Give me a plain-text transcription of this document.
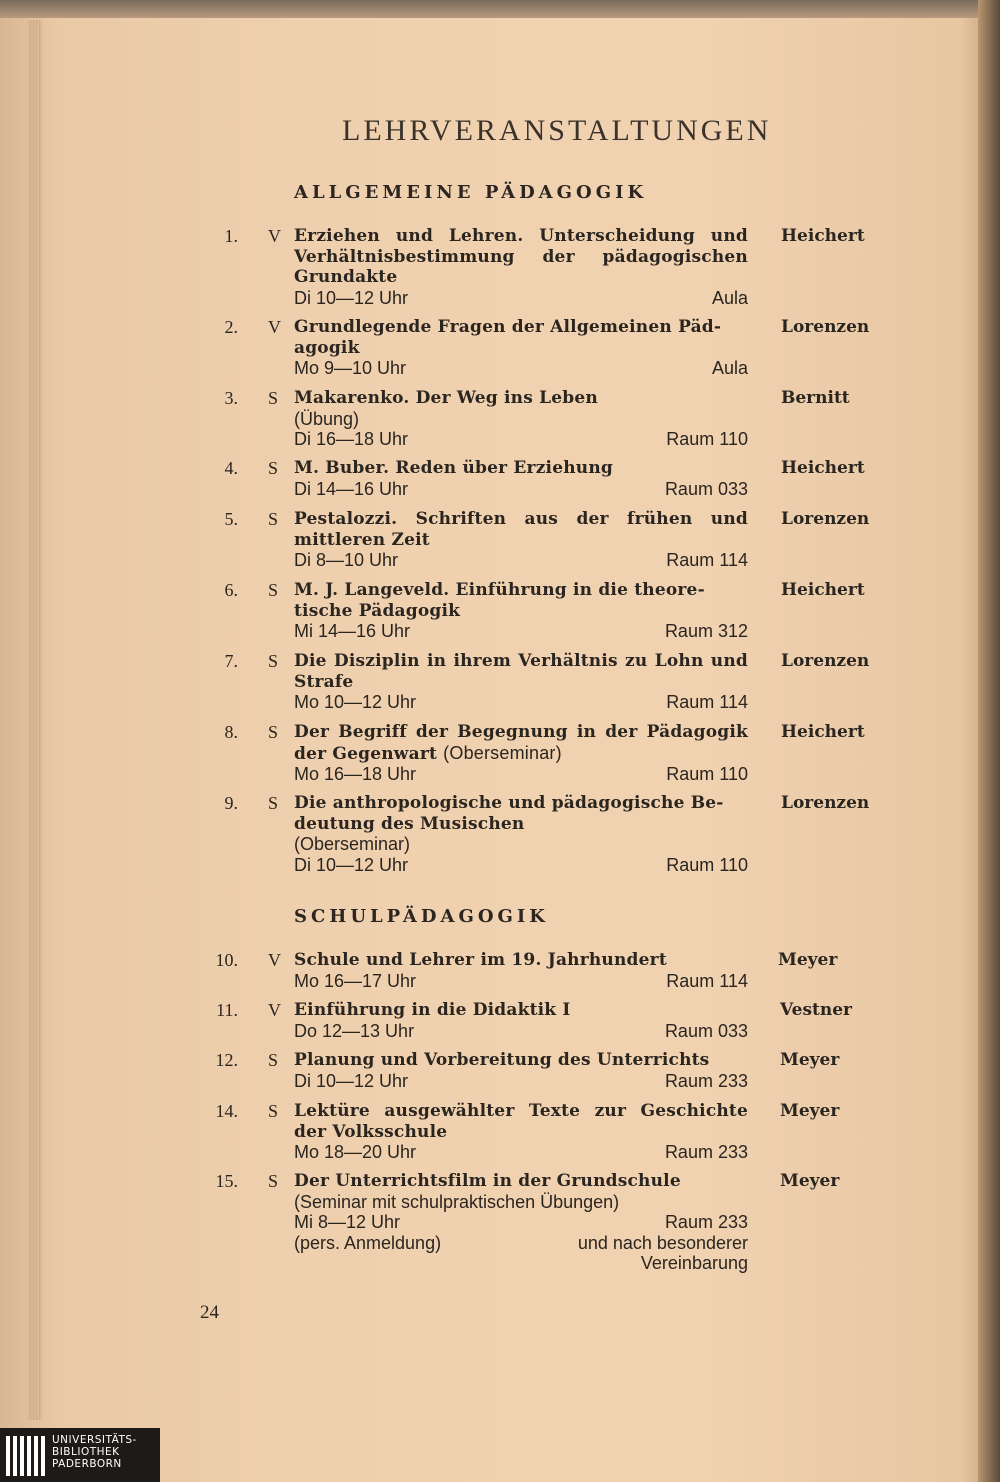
LEHRVERANSTALTUNGEN
ALLGEMEINE PÄDAGOGIK
1. V Erziehen und Lehren. Unterscheidung und Verhältnisbestimmung der pädagogischen Grundakte
Di 10—12 Uhr	Aula
Heichert
2. V Grundlegende Fragen der Allgemeinen Päd-
agogik
Mo 9—10 Uhr	Aula
Lorenzen
3. S Makarenko. Der Weg ins Leben
(Übung)
Di 16—18 Uhr	Raum 110
Bernitt
4. S M. Buber. Reden über Erziehung
Di 14—16 Uhr	Raum 033
Heichert
5. S Pestalozzi. Schriften aus der frühen und mittleren Zeit
Di 8—10 Uhr	Raum 114
Lorenzen
6. S M. J. Langeveld. Einführung in die theore-
tische Pädagogik
Mi 14—16 Uhr	Raum 312
Heichert
7. S Die Disziplin in ihrem Verhältnis zu Lohn und Strafe
Mo 10—12 Uhr	Raum 114
Lorenzen
8. S Der Begriff der Begegnung in der Pädagogik der Gegenwart (Oberseminar)
Mo 16—18 Uhr	Raum 110
Heichert
9. S Die anthropologische und pädagogische Be-
deutung des Musischen
(Oberseminar)
Di 10—12 Uhr	Raum 110
Lorenzen
SCHULPÄDAGOGIK
10. V Schule und Lehrer im 19. Jahrhundert
Mo 16—17 Uhr	Raum 114
Meyer
11. V Einführung in die Didaktik I
Do 12—13 Uhr	Raum 033
Vestner
12. S Planung und Vorbereitung des Unterrichts
Di 10—12 Uhr	Raum 233
Meyer
14. S Lektüre ausgewählter Texte zur Geschichte der Volksschule
Mo 18—20 Uhr	Raum 233
Meyer
15. S Der Unterrichtsfilm in der Grundschule
(Seminar mit schulpraktischen Übungen)
Mi 8—12 Uhr	Raum 233
(pers. Anmeldung)	und nach besonderer
Vereinbarung
Meyer
24
UNIVERSITÄTS-
BIBLIOTHEK
PADERBORN
